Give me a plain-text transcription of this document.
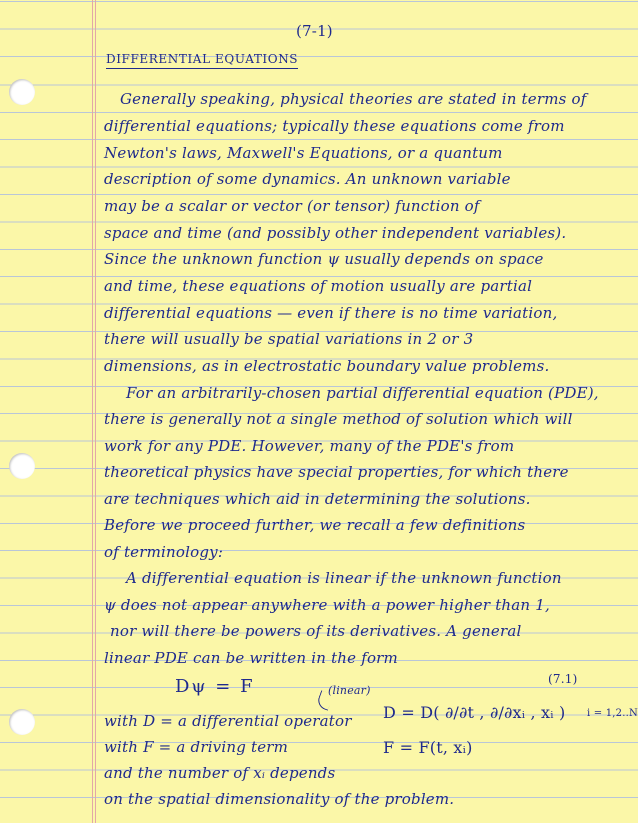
(7-1)
DIFFERENTIAL EQUATIONS
Generally speaking, physical theories are stated in terms of
differential equations; typically these equations come from
Newton's laws, Maxwell's Equations, or a quantum
description of some dynamics. An unknown variable
may be a scalar or vector (or tensor) function of
space and time (and possibly other independent variables).
Since the unknown function ψ usually depends on space
and time, these equations of motion usually are partial
differential equations — even if there is no time variation,
there will usually be spatial variations in 2 or 3
dimensions, as in electrostatic boundary value problems.
For an arbitrarily-chosen partial differential equation (PDE),
there is generally not a single method of solution which will
work for any PDE. However, many of the PDE's from
theoretical physics have special properties, for which there
are techniques which aid in determining the solutions.
Before we proceed further, we recall a few definitions
of terminology:
A differential equation is linear if the unknown function
ψ does not appear anywhere with a power higher than 1,
nor will there be powers of its derivatives. A general
linear PDE can be written in the form
Dψ = F	(7.1)
(linear)
D = D( ∂/∂t , ∂/∂xᵢ , xᵢ ) i = 1,2..N
F = F(t, xᵢ)
with D = a differential operator
with F = a driving term
and the number of xᵢ depends
on the spatial dimensionality of the problem.
